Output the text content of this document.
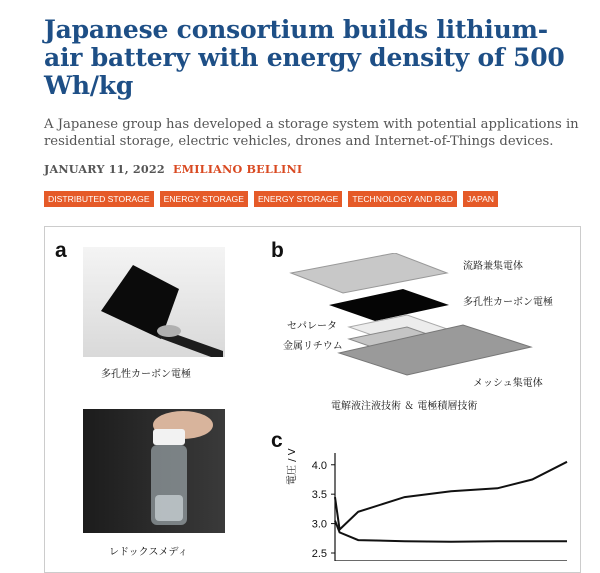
Japanese consortium builds lithium-air battery with energy density of 500 Wh/kg

A Japanese group has developed a storage system with potential applications in residential storage, electric vehicles, drones and Internet-of-Things devices.

JANUARY 11, 2022 EMILIANO BELLINI
DISTRIBUTED STORAGE	ENERGY STORAGE	ENERGY STORAGE	TECHNOLOGY AND R&D	JAPAN
a
多孔性カーボン電極
レドックスメディ
b
流路兼集電体
多孔性カーボン電極
セパレータ
金属リチウム
メッシュ集電体
電解液注液技術 ＆ 電極積層技術
c
4.0
3.5
3.0
2.5
電圧 / V
